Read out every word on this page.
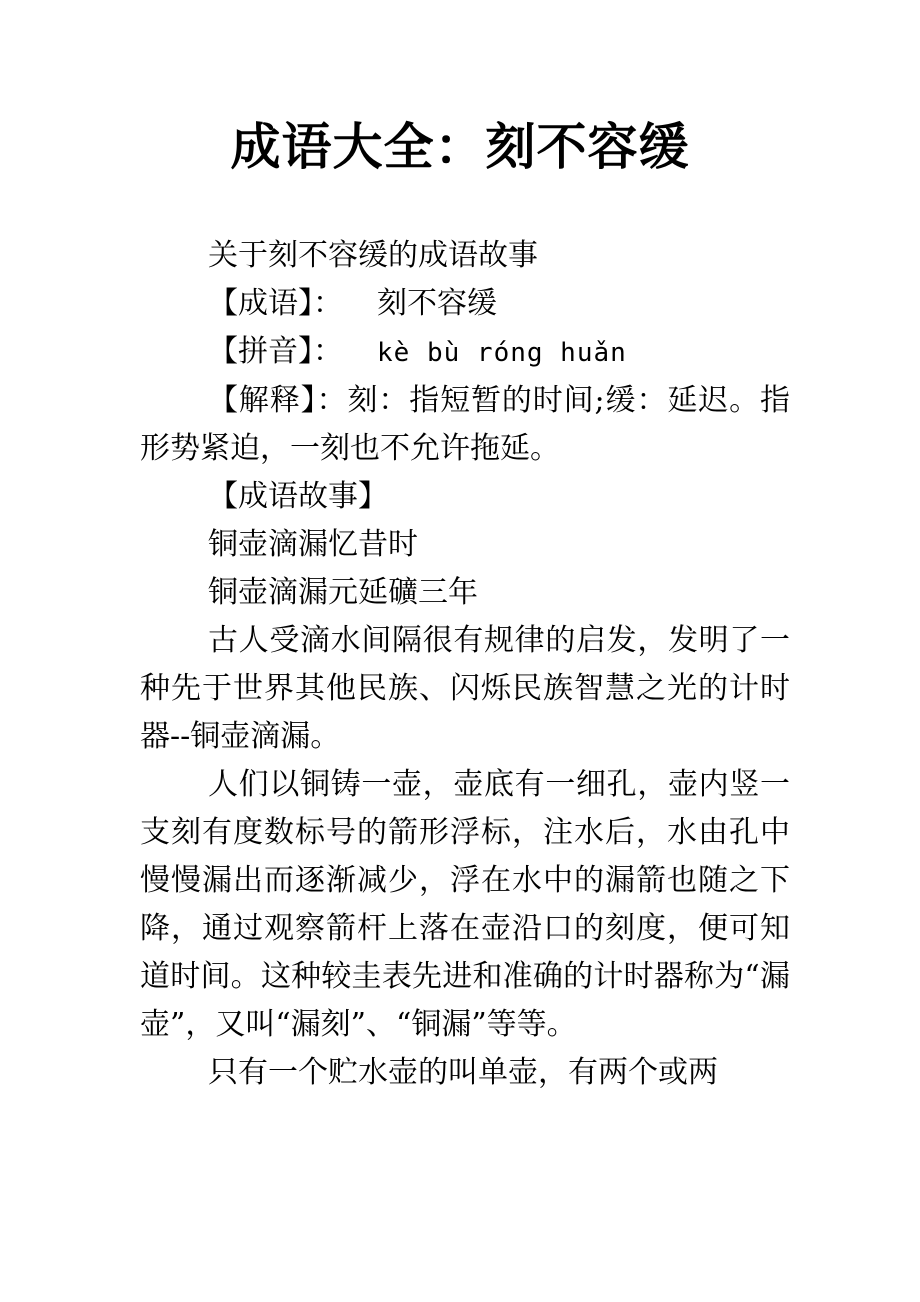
成语大全：刻不容缓

关于刻不容缓的成语故事

【成语】： 刻不容缓

【拼音】： kè bù róng huǎn

【解释】：刻：指短暂的时间;缓：延迟。指形势紧迫，一刻也不允许拖延。

【成语故事】

铜壶滴漏忆昔时

铜壶滴漏元延礦三年

古人受滴水间隔很有规律的启发，发明了一种先于世界其他民族、闪烁民族智慧之光的计时器--铜壶滴漏。

人们以铜铸一壶，壶底有一细孔，壶内竖一支刻有度数标号的箭形浮标，注水后，水由孔中慢慢漏出而逐渐减少，浮在水中的漏箭也随之下降，通过观察箭杆上落在壶沿口的刻度，便可知道时间。这种较圭表先进和准确的计时器称为“漏壶”，又叫“漏刻”、“铜漏”等等。

只有一个贮水壶的叫单壶，有两个或两
